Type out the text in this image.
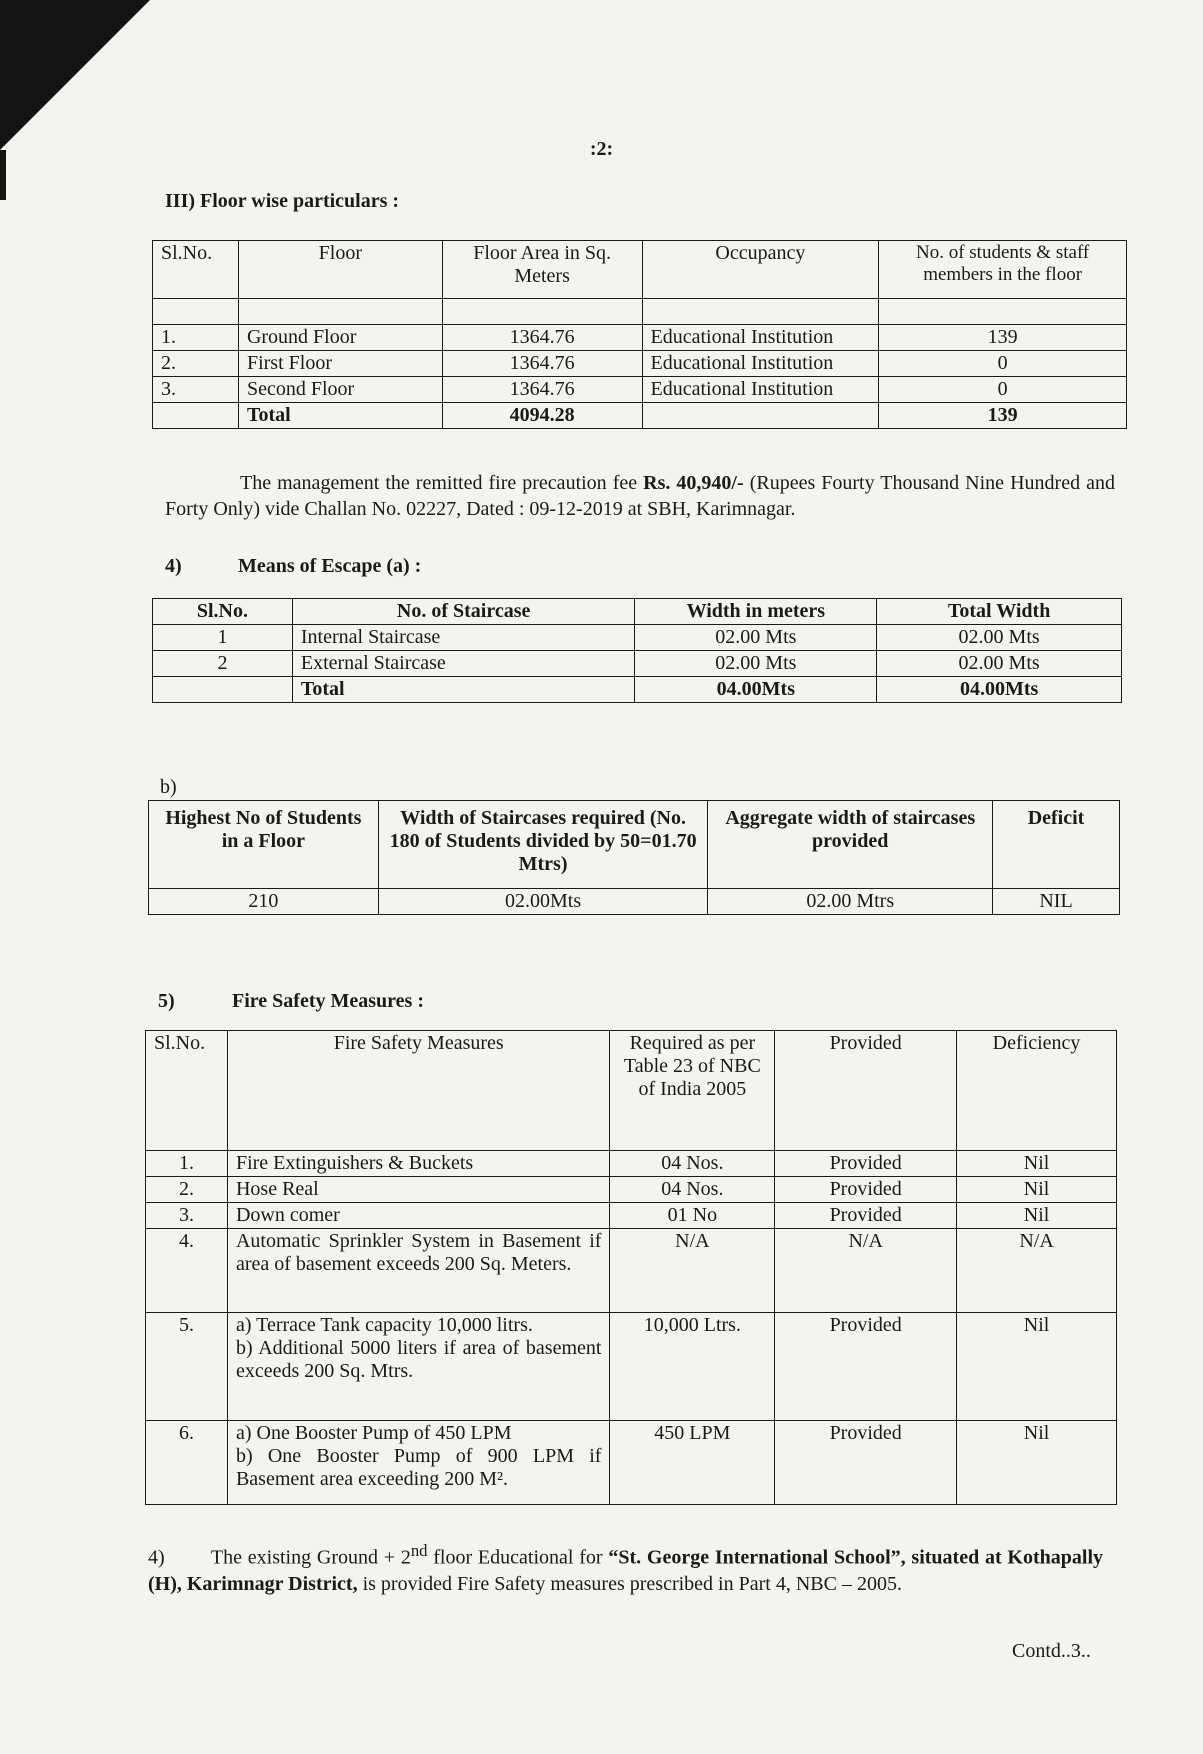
:2:
III) Floor wise particulars :
Sl.No.	Floor	Floor Area in Sq. Meters	Occupancy	No. of students & staff members in the floor

1.	Ground Floor	1364.76	Educational Institution	139
2.	First Floor	1364.76	Educational Institution	0
3.	Second Floor	1364.76	Educational Institution	0
	Total	4094.28		139
The management the remitted fire precaution fee Rs. 40,940/- (Rupees Fourty Thousand Nine Hundred and Forty Only) vide Challan No. 02227, Dated : 09-12-2019 at SBH, Karimnagar.
4)	Means of Escape (a) :
Sl.No.	No. of Staircase	Width in meters	Total Width
1	Internal Staircase	02.00 Mts	02.00 Mts
2	External Staircase	02.00 Mts	02.00 Mts
	Total	04.00Mts	04.00Mts
b)
Highest No of Students in a Floor	Width of Staircases required (No. 180 of Students divided by 50=01.70 Mtrs)	Aggregate width of staircases provided	Deficit
210	02.00Mts	02.00 Mtrs	NIL
5)	Fire Safety Measures :
Sl.No.	Fire Safety Measures	Required as per Table 23 of NBC of India 2005	Provided	Deficiency
1.	Fire Extinguishers & Buckets	04 Nos.	Provided	Nil
2.	Hose Real	04 Nos.	Provided	Nil
3.	Down comer	01 No	Provided	Nil
4.	Automatic Sprinkler System in Basement if area of basement exceeds 200 Sq. Meters.	N/A	N/A	N/A
5.	a) Terrace Tank capacity 10,000 litrs.
b) Additional 5000 liters if area of basement exceeds 200 Sq. Mtrs.	10,000 Ltrs.	Provided	Nil
6.	a) One Booster Pump of 450 LPM
b) One Booster Pump of 900 LPM if Basement area exceeding 200 M².	450 LPM	Provided	Nil
4) The existing Ground + 2nd floor Educational for “St. George International School”, situated at Kothapally (H), Karimnagr District, is provided Fire Safety measures prescribed in Part 4, NBC – 2005.
Contd..3..
